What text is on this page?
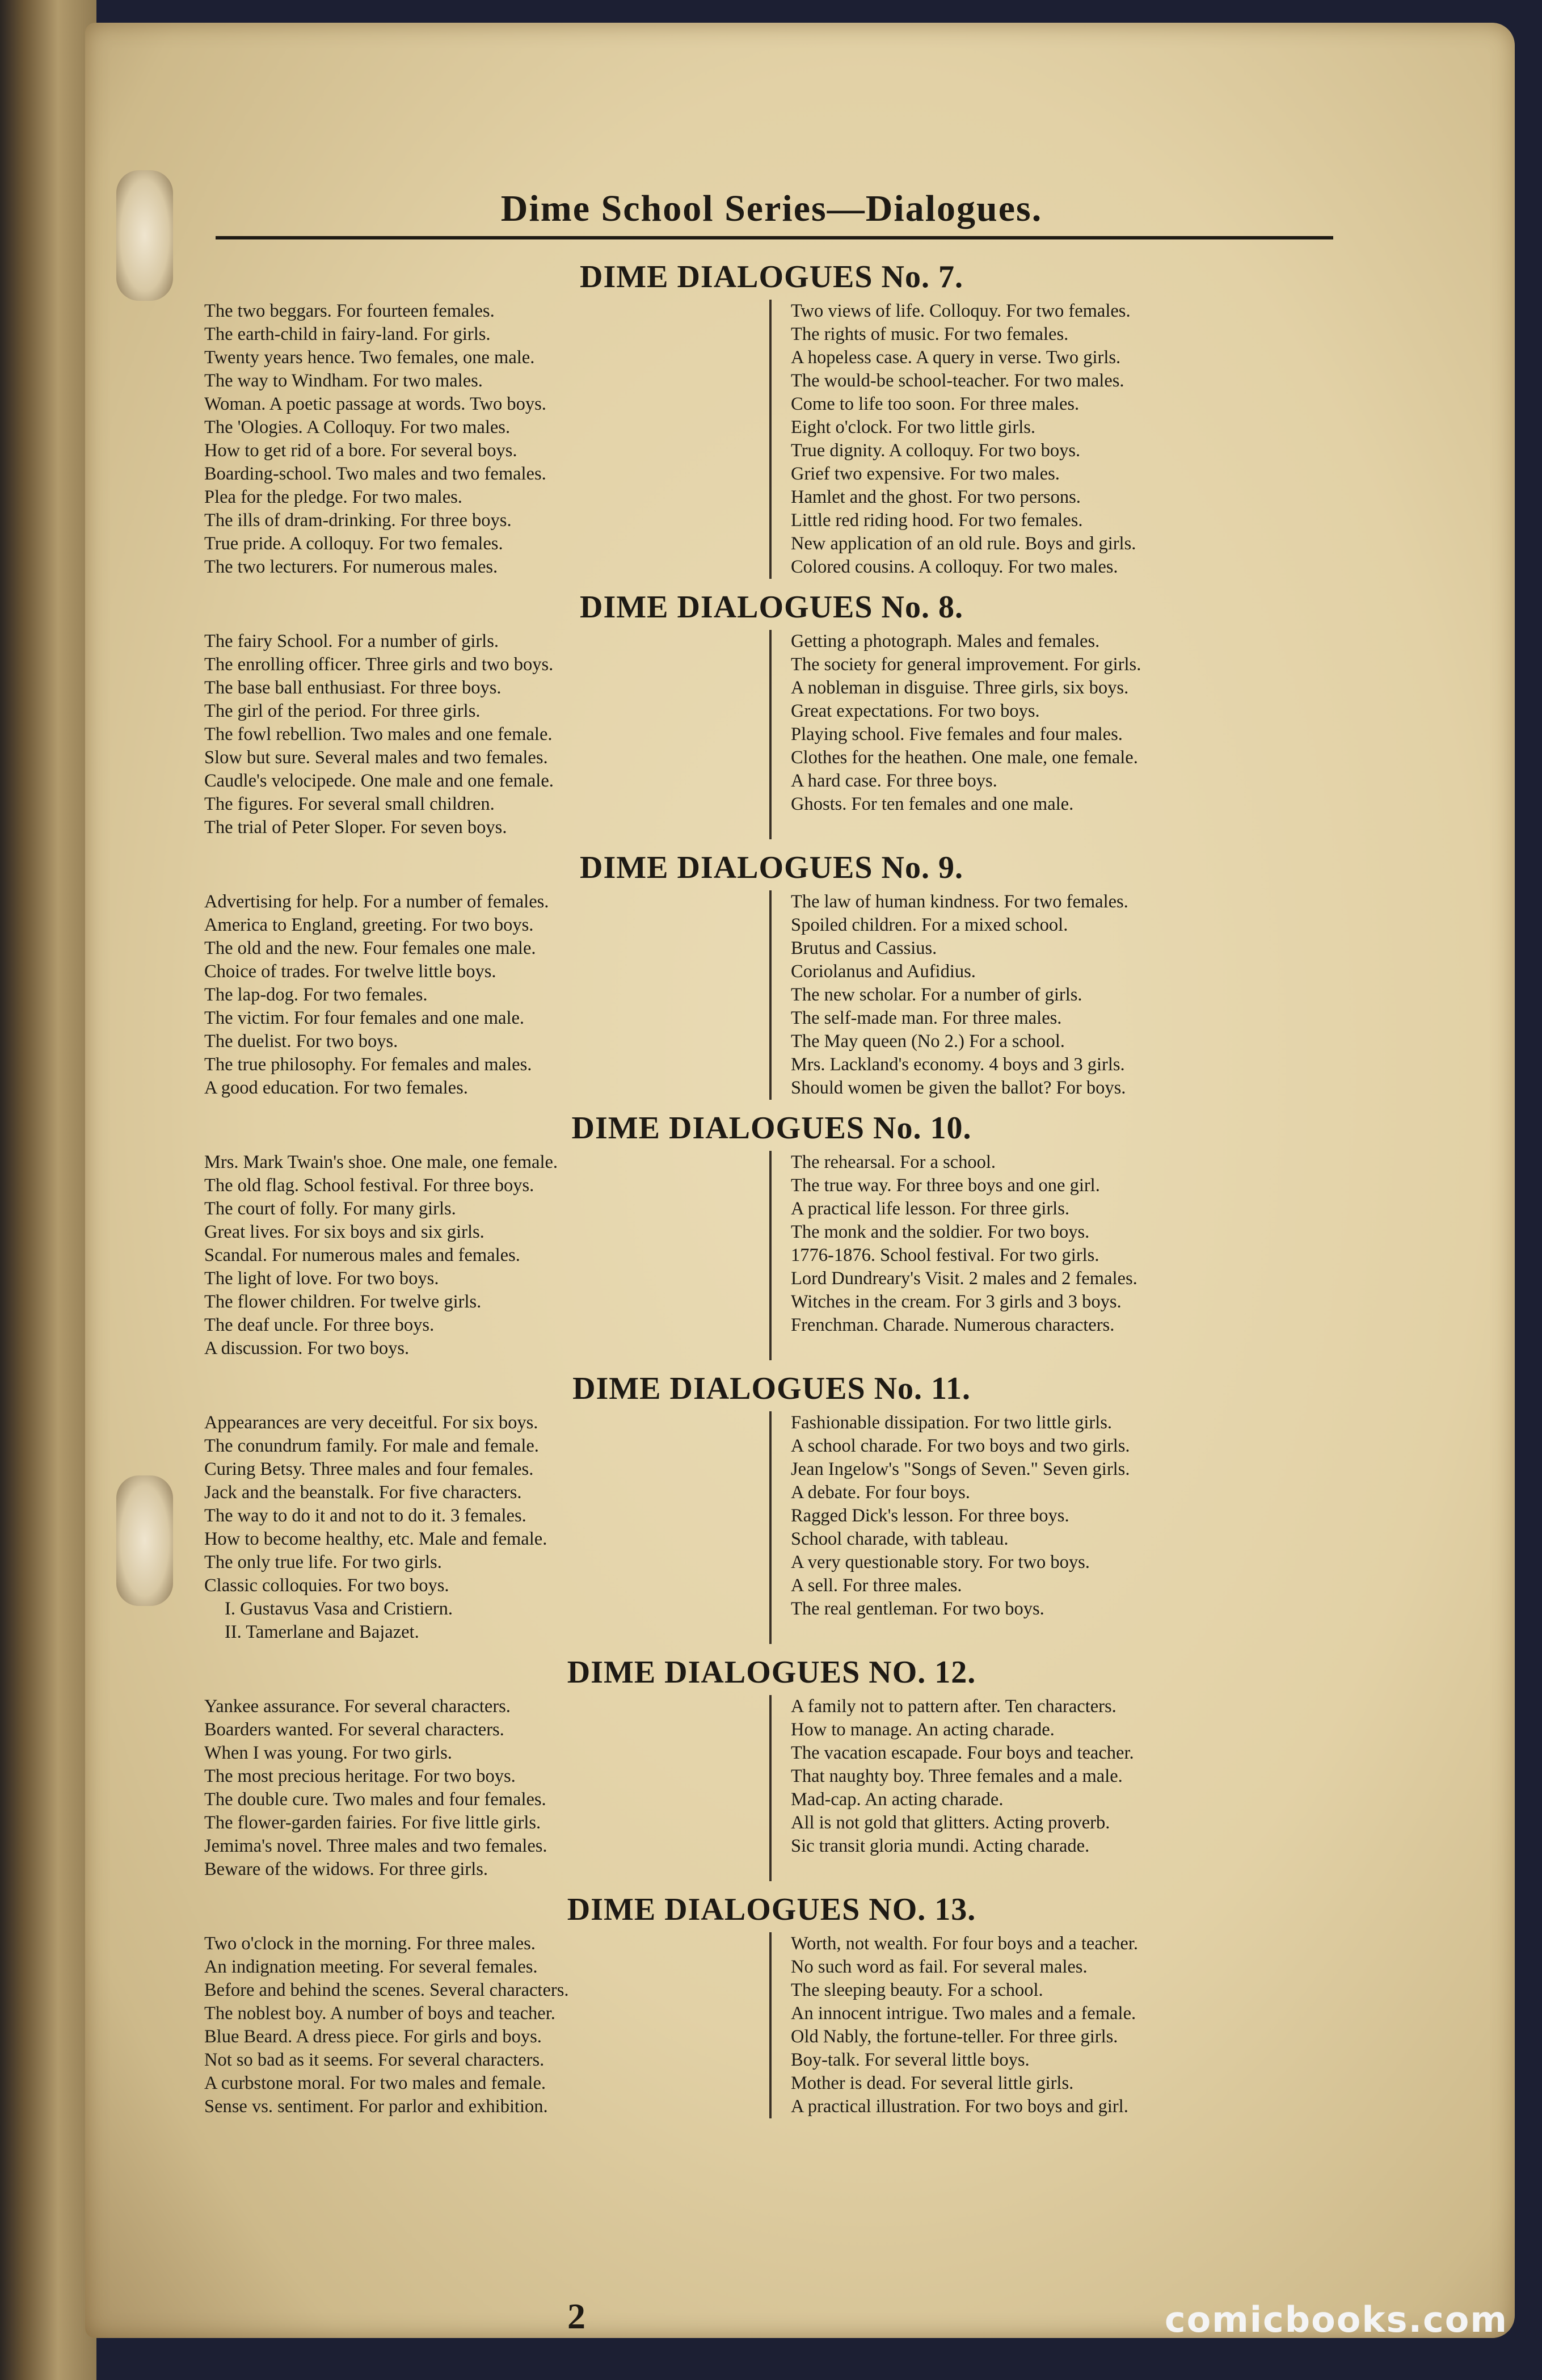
Dime School Series—Dialogues.
DIME DIALOGUES No. 7.
The two beggars. For fourteen females.
The earth-child in fairy-land. For girls.
Twenty years hence. Two females, one male.
The way to Windham. For two males.
Woman. A poetic passage at words. Two boys.
The 'Ologies. A Colloquy. For two males.
How to get rid of a bore. For several boys.
Boarding-school. Two males and two females.
Plea for the pledge. For two males.
The ills of dram-drinking. For three boys.
True pride. A colloquy. For two females.
The two lecturers. For numerous males.
Two views of life. Colloquy. For two females.
The rights of music. For two females.
A hopeless case. A query in verse. Two girls.
The would-be school-teacher. For two males.
Come to life too soon. For three males.
Eight o'clock. For two little girls.
True dignity. A colloquy. For two boys.
Grief two expensive. For two males.
Hamlet and the ghost. For two persons.
Little red riding hood. For two females.
New application of an old rule. Boys and girls.
Colored cousins. A colloquy. For two males.
DIME DIALOGUES No. 8.
The fairy School. For a number of girls.
The enrolling officer. Three girls and two boys.
The base ball enthusiast. For three boys.
The girl of the period. For three girls.
The fowl rebellion. Two males and one female.
Slow but sure. Several males and two females.
Caudle's velocipede. One male and one female.
The figures. For several small children.
The trial of Peter Sloper. For seven boys.
Getting a photograph. Males and females.
The society for general improvement. For girls.
A nobleman in disguise. Three girls, six boys.
Great expectations. For two boys.
Playing school. Five females and four males.
Clothes for the heathen. One male, one female.
A hard case. For three boys.
Ghosts. For ten females and one male.
DIME DIALOGUES No. 9.
Advertising for help. For a number of females.
America to England, greeting. For two boys.
The old and the new. Four females one male.
Choice of trades. For twelve little boys.
The lap-dog. For two females.
The victim. For four females and one male.
The duelist. For two boys.
The true philosophy. For females and males.
A good education. For two females.
The law of human kindness. For two females.
Spoiled children. For a mixed school.
Brutus and Cassius.
Coriolanus and Aufidius.
The new scholar. For a number of girls.
The self-made man. For three males.
The May queen (No 2.) For a school.
Mrs. Lackland's economy. 4 boys and 3 girls.
Should women be given the ballot? For boys.
DIME DIALOGUES No. 10.
Mrs. Mark Twain's shoe. One male, one female.
The old flag. School festival. For three boys.
The court of folly. For many girls.
Great lives. For six boys and six girls.
Scandal. For numerous males and females.
The light of love. For two boys.
The flower children. For twelve girls.
The deaf uncle. For three boys.
A discussion. For two boys.
The rehearsal. For a school.
The true way. For three boys and one girl.
A practical life lesson. For three girls.
The monk and the soldier. For two boys.
1776-1876. School festival. For two girls.
Lord Dundreary's Visit. 2 males and 2 females.
Witches in the cream. For 3 girls and 3 boys.
Frenchman. Charade. Numerous characters.
DIME DIALOGUES No. 11.
Appearances are very deceitful. For six boys.
The conundrum family. For male and female.
Curing Betsy. Three males and four females.
Jack and the beanstalk. For five characters.
The way to do it and not to do it. 3 females.
How to become healthy, etc. Male and female.
The only true life. For two girls.
Classic colloquies. For two boys.
I. Gustavus Vasa and Cristiern.
II. Tamerlane and Bajazet.
Fashionable dissipation. For two little girls.
A school charade. For two boys and two girls.
Jean Ingelow's "Songs of Seven." Seven girls.
A debate. For four boys.
Ragged Dick's lesson. For three boys.
School charade, with tableau.
A very questionable story. For two boys.
A sell. For three males.
The real gentleman. For two boys.
DIME DIALOGUES NO. 12.
Yankee assurance. For several characters.
Boarders wanted. For several characters.
When I was young. For two girls.
The most precious heritage. For two boys.
The double cure. Two males and four females.
The flower-garden fairies. For five little girls.
Jemima's novel. Three males and two females.
Beware of the widows. For three girls.
A family not to pattern after. Ten characters.
How to manage. An acting charade.
The vacation escapade. Four boys and teacher.
That naughty boy. Three females and a male.
Mad-cap. An acting charade.
All is not gold that glitters. Acting proverb.
Sic transit gloria mundi. Acting charade.
DIME DIALOGUES NO. 13.
Two o'clock in the morning. For three males.
An indignation meeting. For several females.
Before and behind the scenes. Several characters.
The noblest boy. A number of boys and teacher.
Blue Beard. A dress piece. For girls and boys.
Not so bad as it seems. For several characters.
A curbstone moral. For two males and female.
Sense vs. sentiment. For parlor and exhibition.
Worth, not wealth. For four boys and a teacher.
No such word as fail. For several males.
The sleeping beauty. For a school.
An innocent intrigue. Two males and a female.
Old Nably, the fortune-teller. For three girls.
Boy-talk. For several little boys.
Mother is dead. For several little girls.
A practical illustration. For two boys and girl.
2	comicbooks.com
